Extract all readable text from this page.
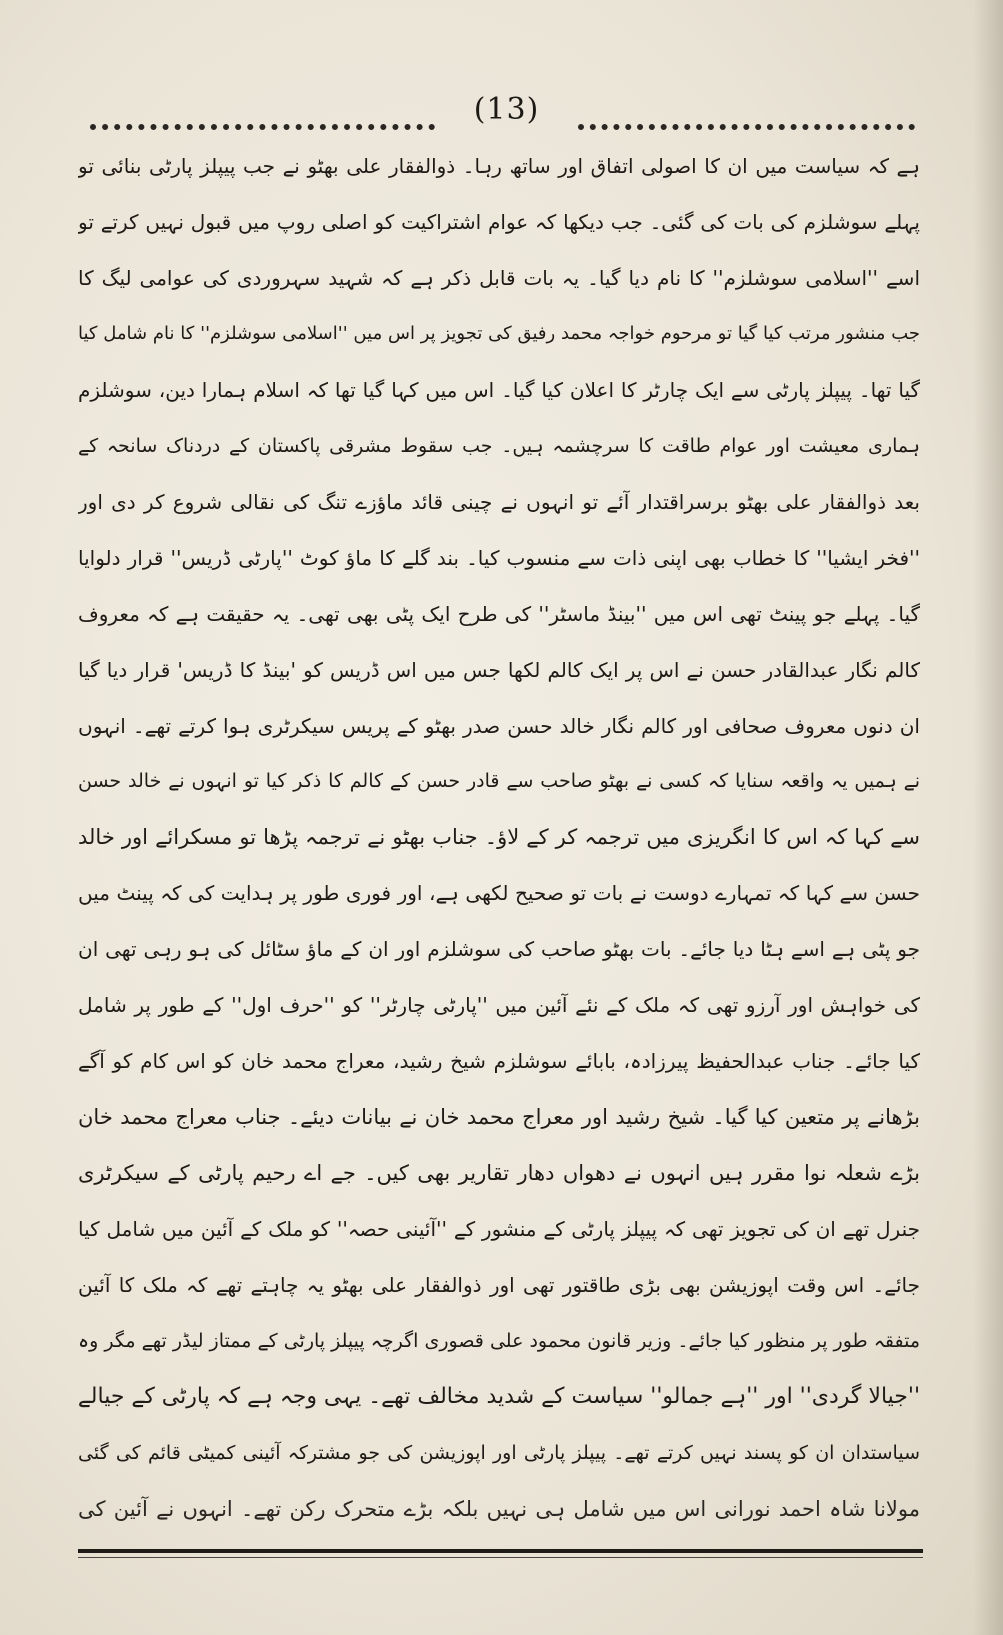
(13)
ہے کہ سیاست میں ان کا اصولی اتفاق اور ساتھ رہا۔ ذوالفقار علی بھٹو نے جب پیپلز پارٹی بنائی تو
پہلے سوشلزم کی بات کی گئی۔ جب دیکھا کہ عوام اشتراکیت کو اصلی روپ میں قبول نہیں کرتے تو
اسے ''اسلامی سوشلزم'' کا نام دیا گیا۔ یہ بات قابل ذکر ہے کہ شہید سہروردی کی عوامی لیگ کا
جب منشور مرتب کیا گیا تو مرحوم خواجہ محمد رفیق کی تجویز پر اس میں ''اسلامی سوشلزم'' کا نام شامل کیا
گیا تھا۔ پیپلز پارٹی سے ایک چارٹر کا اعلان کیا گیا۔ اس میں کہا گیا تھا کہ اسلام ہمارا دین، سوشلزم
ہماری معیشت اور عوام طاقت کا سرچشمہ ہیں۔ جب سقوط مشرقی پاکستان کے دردناک سانحہ کے
بعد ذوالفقار علی بھٹو برسراقتدار آئے تو انہوں نے چینی قائد ماؤزے تنگ کی نقالی شروع کر دی اور
''فخر ایشیا'' کا خطاب بھی اپنی ذات سے منسوب کیا۔ بند گلے کا ماؤ کوٹ ''پارٹی ڈریس'' قرار دلوایا
گیا۔ پہلے جو پینٹ تھی اس میں ''بینڈ ماسٹر'' کی طرح ایک پٹی بھی تھی۔ یہ حقیقت ہے کہ معروف
کالم نگار عبدالقادر حسن نے اس پر ایک کالم لکھا جس میں اس ڈریس کو 'بینڈ کا ڈریس' قرار دیا گیا
ان دنوں معروف صحافی اور کالم نگار خالد حسن صدر بھٹو کے پریس سیکرٹری ہوا کرتے تھے۔ انہوں
نے ہمیں یہ واقعہ سنایا کہ کسی نے بھٹو صاحب سے قادر حسن کے کالم کا ذکر کیا تو انہوں نے خالد حسن
سے کہا کہ اس کا انگریزی میں ترجمہ کر کے لاؤ۔ جناب بھٹو نے ترجمہ پڑھا تو مسکرائے اور خالد
حسن سے کہا کہ تمہارے دوست نے بات تو صحیح لکھی ہے، اور فوری طور پر ہدایت کی کہ پینٹ میں
جو پٹی ہے اسے ہٹا دیا جائے۔ بات بھٹو صاحب کی سوشلزم اور ان کے ماؤ سٹائل کی ہو رہی تھی ان
کی خواہش اور آرزو تھی کہ ملک کے نئے آئین میں ''پارٹی چارٹر'' کو ''حرف اول'' کے طور پر شامل
کیا جائے۔ جناب عبدالحفیظ پیرزادہ، بابائے سوشلزم شیخ رشید، معراج محمد خان کو اس کام کو آگے
بڑھانے پر متعین کیا گیا۔ شیخ رشید اور معراج محمد خان نے بیانات دیئے۔ جناب معراج محمد خان
بڑے شعلہ نوا مقرر ہیں انہوں نے دھواں دھار تقاریر بھی کیں۔ جے اے رحیم پارٹی کے سیکرٹری
جنرل تھے ان کی تجویز تھی کہ پیپلز پارٹی کے منشور کے ''آئینی حصہ'' کو ملک کے آئین میں شامل کیا
جائے۔ اس وقت اپوزیشن بھی بڑی طاقتور تھی اور ذوالفقار علی بھٹو یہ چاہتے تھے کہ ملک کا آئین
متفقہ طور پر منظور کیا جائے۔ وزیر قانون محمود علی قصوری اگرچہ پیپلز پارٹی کے ممتاز لیڈر تھے مگر وہ
''جیالا گردی'' اور ''ہے جمالو'' سیاست کے شدید مخالف تھے۔ یہی وجہ ہے کہ پارٹی کے جیالے
سیاستدان ان کو پسند نہیں کرتے تھے۔ پیپلز پارٹی اور اپوزیشن کی جو مشترکہ آئینی کمیٹی قائم کی گئی
مولانا شاہ احمد نورانی اس میں شامل ہی نہیں بلکہ بڑے متحرک رکن تھے۔ انہوں نے آئین کی
